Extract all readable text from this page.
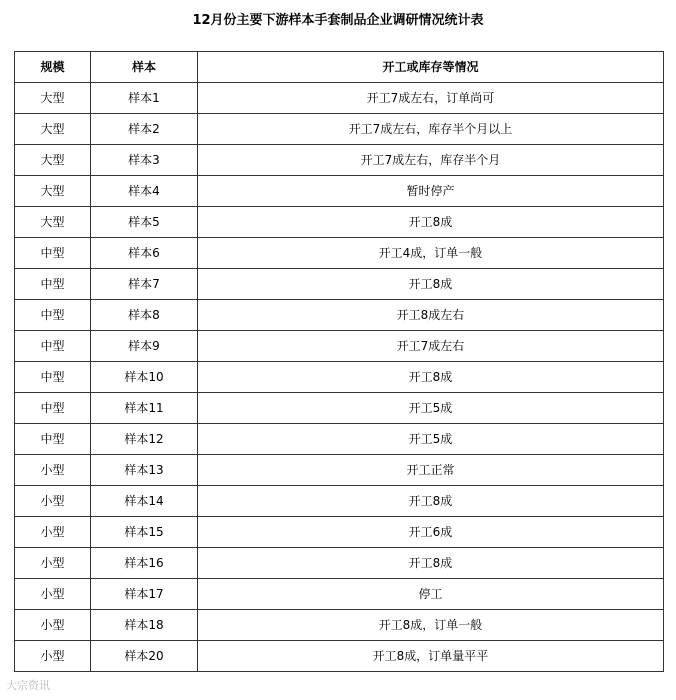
12月份主要下游样本手套制品企业调研情况统计表
规模	样本	开工或库存等情况
大型	样本1	开工7成左右，订单尚可
大型	样本2	开工7成左右，库存半个月以上
大型	样本3	开工7成左右，库存半个月
大型	样本4	暂时停产
大型	样本5	开工8成
中型	样本6	开工4成，订单一般
中型	样本7	开工8成
中型	样本8	开工8成左右
中型	样本9	开工7成左右
中型	样本10	开工8成
中型	样本11	开工5成
中型	样本12	开工5成
小型	样本13	开工正常
小型	样本14	开工8成
小型	样本15	开工6成
小型	样本16	开工8成
小型	样本17	停工
小型	样本18	开工8成，订单一般
小型	样本20	开工8成，订单量平平
大宗资讯
